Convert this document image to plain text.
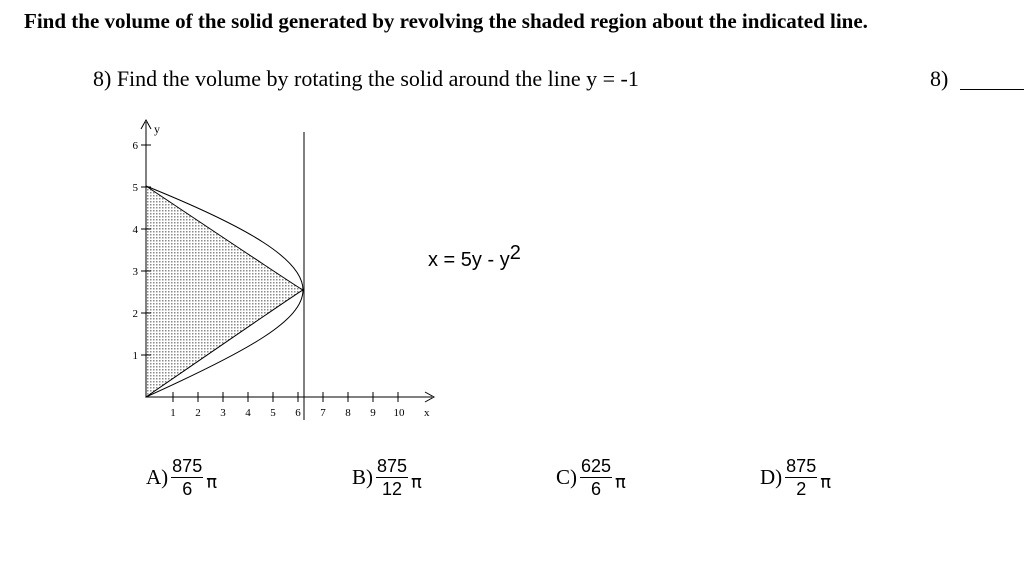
Find the volume of the solid generated by revolving the shaded region about the indicated line.
8) Find the volume by rotating the solid around the line y = -1	8)
1
2
3
4
5
6
1 2 3 4 5 6 7 8 9 10
y
x
x = 5y - y2
$A) \frac{875}{6}$ π	$B) \frac{875}{12}$ π	$C) \frac{625}{6}$ π	$D) \frac{875}{2}$ π
